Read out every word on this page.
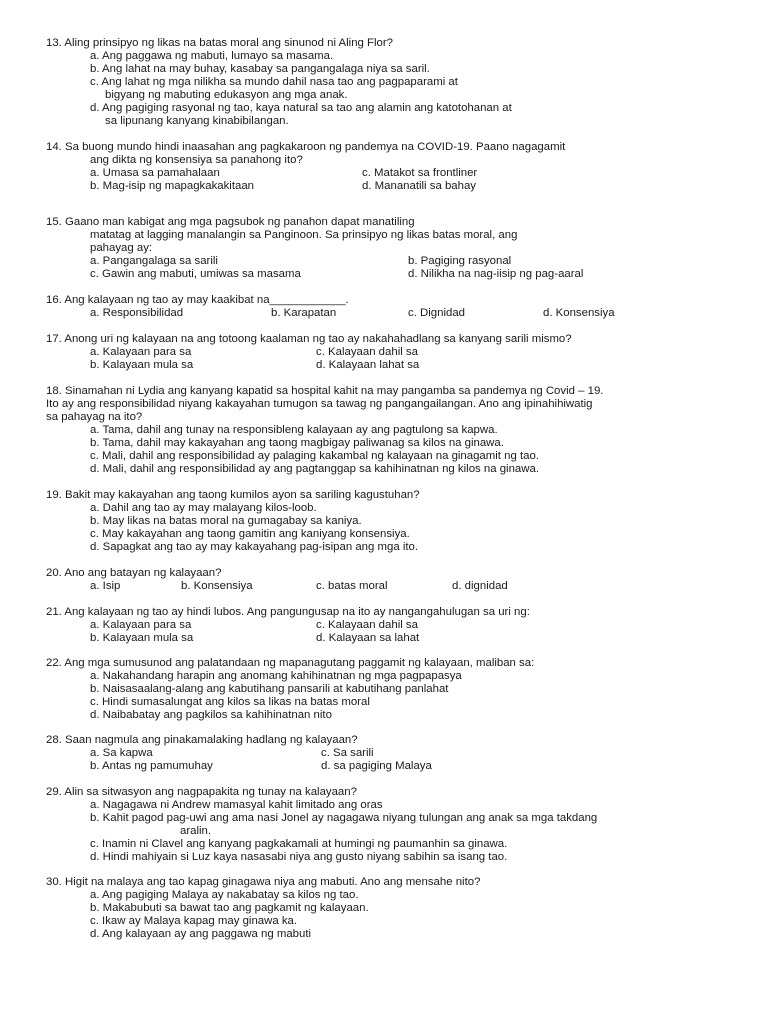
13. Aling prinsipyo ng likas na batas moral ang sinunod ni Aling Flor?
a. Ang paggawa ng mabuti, lumayo sa masama.
b. Ang lahat na may buhay, kasabay sa pangangalaga niya sa saril.
c. Ang lahat ng mga nilikha sa mundo dahil nasa tao ang pagpaparami at
bigyang ng mabuting edukasyon ang mga anak.
d. Ang pagiging rasyonal ng tao, kaya natural sa tao ang alamin ang katotohanan at
sa lipunang kanyang kinabibilangan.
14. Sa buong mundo hindi inaasahan ang pagkakaroon ng pandemya na COVID-19. Paano nagagamit
ang dikta ng konsensiya sa panahong ito?
a. Umasa sa pamahalaan	c. Matakot sa frontliner
b. Mag-isip ng mapagkakakitaan	d. Mananatili sa bahay
15. Gaano man kabigat ang mga pagsubok ng panahon dapat manatiling
matatag at lagging manalangin sa Panginoon. Sa prinsipyo ng likas batas moral, ang
pahayag ay:
a. Pangangalaga sa sarili	b. Pagiging rasyonal
c. Gawin ang mabuti, umiwas sa masama	d. Nilikha na nag-iisip ng pag-aaral
16. Ang kalayaan ng tao ay may kaakibat na____________.
a. Responsibilidad	b. Karapatan	c. Dignidad	d. Konsensiya
17. Anong uri ng kalayaan na ang totoong kaalaman ng tao ay nakahahadlang sa kanyang sarili mismo?
a. Kalayaan para sa	c. Kalayaan dahil sa
b. Kalayaan mula sa	d. Kalayaan lahat sa
18. Sinamahan ni Lydia ang kanyang kapatid sa hospital kahit na may pangamba sa pandemya ng Covid – 19.
Ito ay ang responsibilidad niyang kakayahan tumugon sa tawag ng pangangailangan. Ano ang ipinahihiwatig
sa pahayag na ito?
a. Tama, dahil ang tunay na responsibleng kalayaan ay ang pagtulong sa kapwa.
b. Tama, dahil may kakayahan ang taong magbigay paliwanag sa kilos na ginawa.
c. Mali, dahil ang responsibilidad ay palaging kakambal ng kalayaan na ginagamit ng tao.
d. Mali, dahil ang responsibilidad ay ang pagtanggap sa kahihinatnan ng kilos na ginawa.
19. Bakit may kakayahan ang taong kumilos ayon sa sariling kagustuhan?
a. Dahil ang tao ay may malayang kilos-loob.
b. May likas na batas moral na gumagabay sa kaniya.
c. May kakayahan ang taong gamitin ang kaniyang konsensiya.
d. Sapagkat ang tao ay may kakayahang pag-isipan ang mga ito.
20. Ano ang batayan ng kalayaan?
a. Isip	b. Konsensiya	c. batas moral	d. dignidad
21. Ang kalayaan ng tao ay hindi lubos. Ang pangungusap na ito ay nangangahulugan sa uri ng:
a. Kalayaan para sa	c. Kalayaan dahil sa
b. Kalayaan mula sa	d. Kalayaan sa lahat
22. Ang mga sumusunod ang palatandaan ng mapanagutang paggamit ng kalayaan, maliban sa:
a. Nakahandang harapin ang anomang kahihinatnan ng mga pagpapasya
b. Naisasaalang-alang ang kabutihang pansarili at kabutihang panlahat
c. Hindi sumasalungat ang kilos sa likas na batas moral
d. Naibabatay ang pagkilos sa kahihinatnan nito
28. Saan nagmula ang pinakamalaking hadlang ng kalayaan?
a. Sa kapwa	c. Sa sarili
b. Antas ng pamumuhay	d. sa pagiging Malaya
29. Alin sa sitwasyon ang nagpapakita ng tunay na kalayaan?
a. Nagagawa ni Andrew mamasyal kahit limitado ang oras
b. Kahit pagod pag-uwi ang ama nasi Jonel ay nagagawa niyang tulungan ang anak sa mga takdang
aralin.
c. Inamin ni Clavel ang kanyang pagkakamali at humingi ng paumanhin sa ginawa.
d. Hindi mahiyain si Luz kaya nasasabi niya ang gusto niyang sabihin sa isang tao.
30. Higit na malaya ang tao kapag ginagawa niya ang mabuti. Ano ang mensahe nito?
a. Ang pagiging Malaya ay nakabatay sa kilos ng tao.
b. Makabubuti sa bawat tao ang pagkamit ng kalayaan.
c. Ikaw ay Malaya kapag may ginawa ka.
d. Ang kalayaan ay ang paggawa ng mabuti
